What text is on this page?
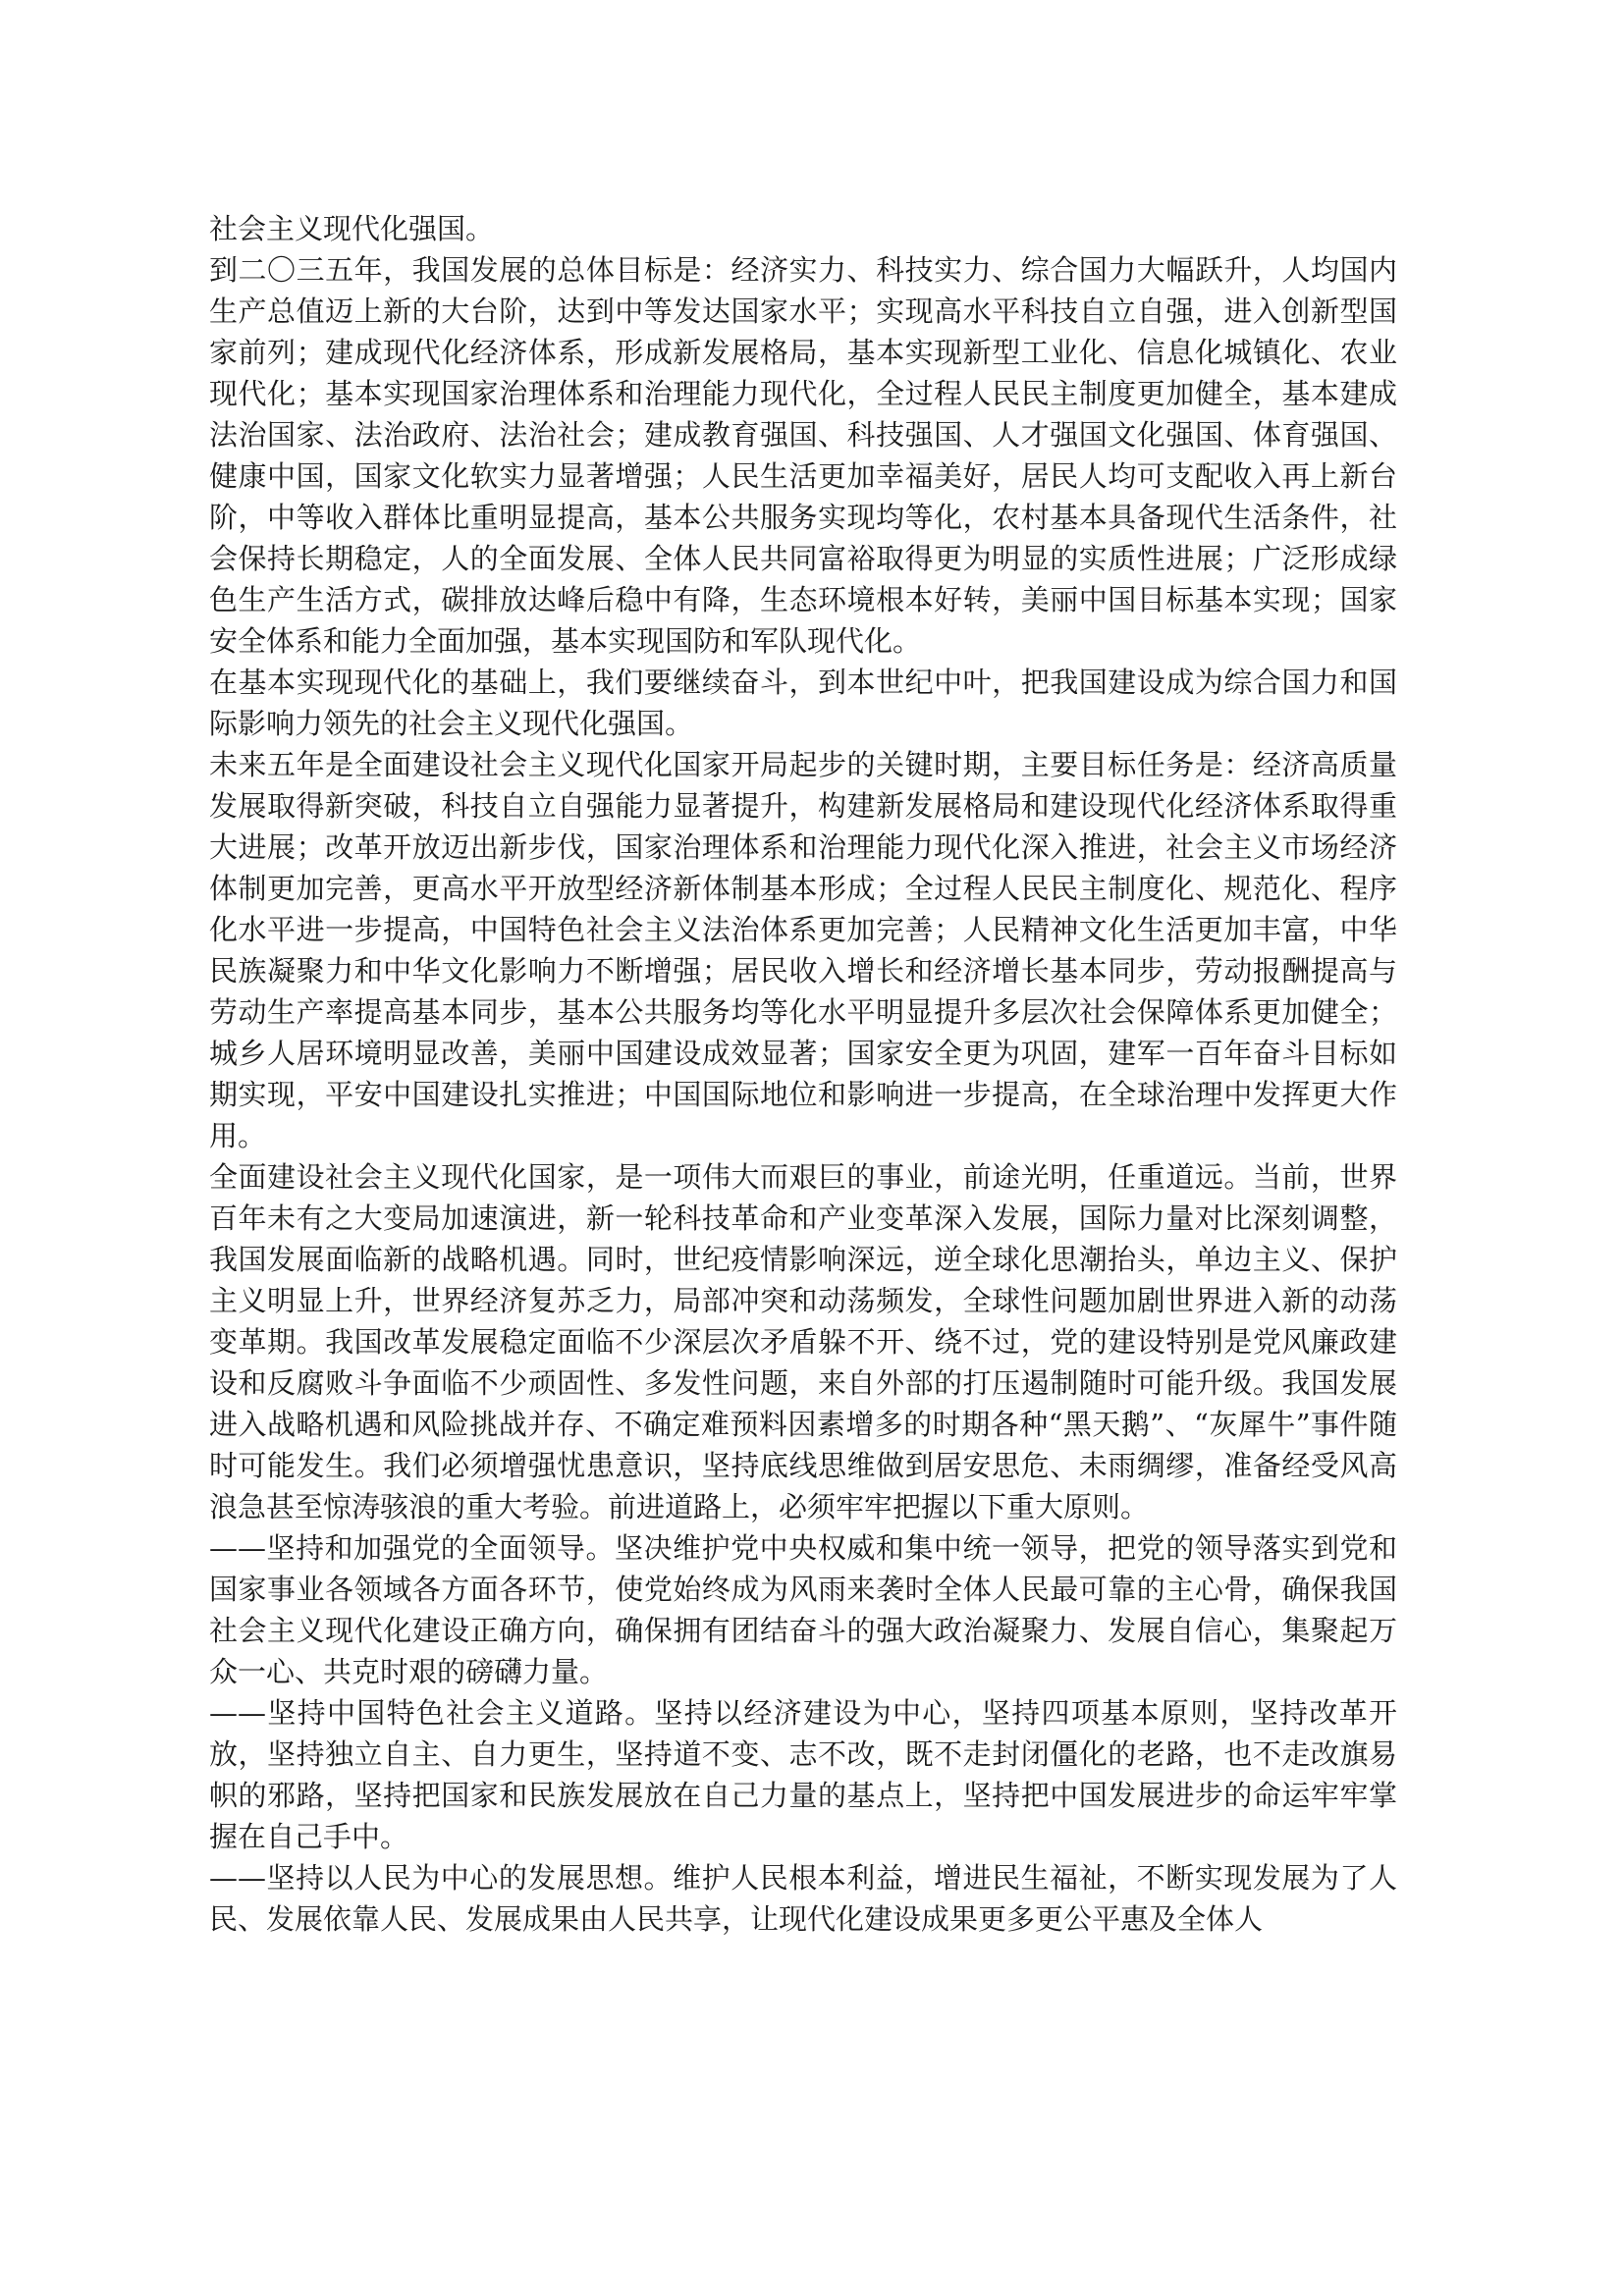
社会主义现代化强国。

到二〇三五年，我国发展的总体目标是：经济实力、科技实力、综合国力大幅跃升，人均国内生产总值迈上新的大台阶，达到中等发达国家水平；实现高水平科技自立自强，进入创新型国家前列；建成现代化经济体系，形成新发展格局，基本实现新型工业化、信息化城镇化、农业现代化；基本实现国家治理体系和治理能力现代化，全过程人民民主制度更加健全，基本建成法治国家、法治政府、法治社会；建成教育强国、科技强国、人才强国文化强国、体育强国、健康中国，国家文化软实力显著增强；人民生活更加幸福美好，居民人均可支配收入再上新台阶，中等收入群体比重明显提高，基本公共服务实现均等化，农村基本具备现代生活条件，社会保持长期稳定，人的全面发展、全体人民共同富裕取得更为明显的实质性进展；广泛形成绿色生产生活方式，碳排放达峰后稳中有降，生态环境根本好转，美丽中国目标基本实现；国家安全体系和能力全面加强，基本实现国防和军队现代化。

在基本实现现代化的基础上，我们要继续奋斗，到本世纪中叶，把我国建设成为综合国力和国际影响力领先的社会主义现代化强国。

未来五年是全面建设社会主义现代化国家开局起步的关键时期，主要目标任务是：经济高质量发展取得新突破，科技自立自强能力显著提升，构建新发展格局和建设现代化经济体系取得重大进展；改革开放迈出新步伐，国家治理体系和治理能力现代化深入推进，社会主义市场经济体制更加完善，更高水平开放型经济新体制基本形成；全过程人民民主制度化、规范化、程序化水平进一步提高，中国特色社会主义法治体系更加完善；人民精神文化生活更加丰富，中华民族凝聚力和中华文化影响力不断增强；居民收入增长和经济增长基本同步，劳动报酬提高与劳动生产率提高基本同步，基本公共服务均等化水平明显提升多层次社会保障体系更加健全；城乡人居环境明显改善，美丽中国建设成效显著；国家安全更为巩固，建军一百年奋斗目标如期实现，平安中国建设扎实推进；中国国际地位和影响进一步提高，在全球治理中发挥更大作用。

全面建设社会主义现代化国家，是一项伟大而艰巨的事业，前途光明，任重道远。当前，世界百年未有之大变局加速演进，新一轮科技革命和产业变革深入发展，国际力量对比深刻调整，我国发展面临新的战略机遇。同时，世纪疫情影响深远，逆全球化思潮抬头，单边主义、保护主义明显上升，世界经济复苏乏力，局部冲突和动荡频发，全球性问题加剧世界进入新的动荡变革期。我国改革发展稳定面临不少深层次矛盾躲不开、绕不过，党的建设特别是党风廉政建设和反腐败斗争面临不少顽固性、多发性问题，来自外部的打压遏制随时可能升级。我国发展进入战略机遇和风险挑战并存、不确定难预料因素增多的时期各种“黑天鹅”、“灰犀牛”事件随时可能发生。我们必须增强忧患意识，坚持底线思维做到居安思危、未雨绸缪，准备经受风高浪急甚至惊涛骇浪的重大考验。前进道路上，必须牢牢把握以下重大原则。

——坚持和加强党的全面领导。坚决维护党中央权威和集中统一领导，把党的领导落实到党和国家事业各领域各方面各环节，使党始终成为风雨来袭时全体人民最可靠的主心骨，确保我国社会主义现代化建设正确方向，确保拥有团结奋斗的强大政治凝聚力、发展自信心，集聚起万众一心、共克时艰的磅礴力量。

——坚持中国特色社会主义道路。坚持以经济建设为中心，坚持四项基本原则，坚持改革开放，坚持独立自主、自力更生，坚持道不变、志不改，既不走封闭僵化的老路，也不走改旗易帜的邪路，坚持把国家和民族发展放在自己力量的基点上，坚持把中国发展进步的命运牢牢掌握在自己手中。

——坚持以人民为中心的发展思想。维护人民根本利益，增进民生福祉，不断实现发展为了人民、发展依靠人民、发展成果由人民共享，让现代化建设成果更多更公平惠及全体人
